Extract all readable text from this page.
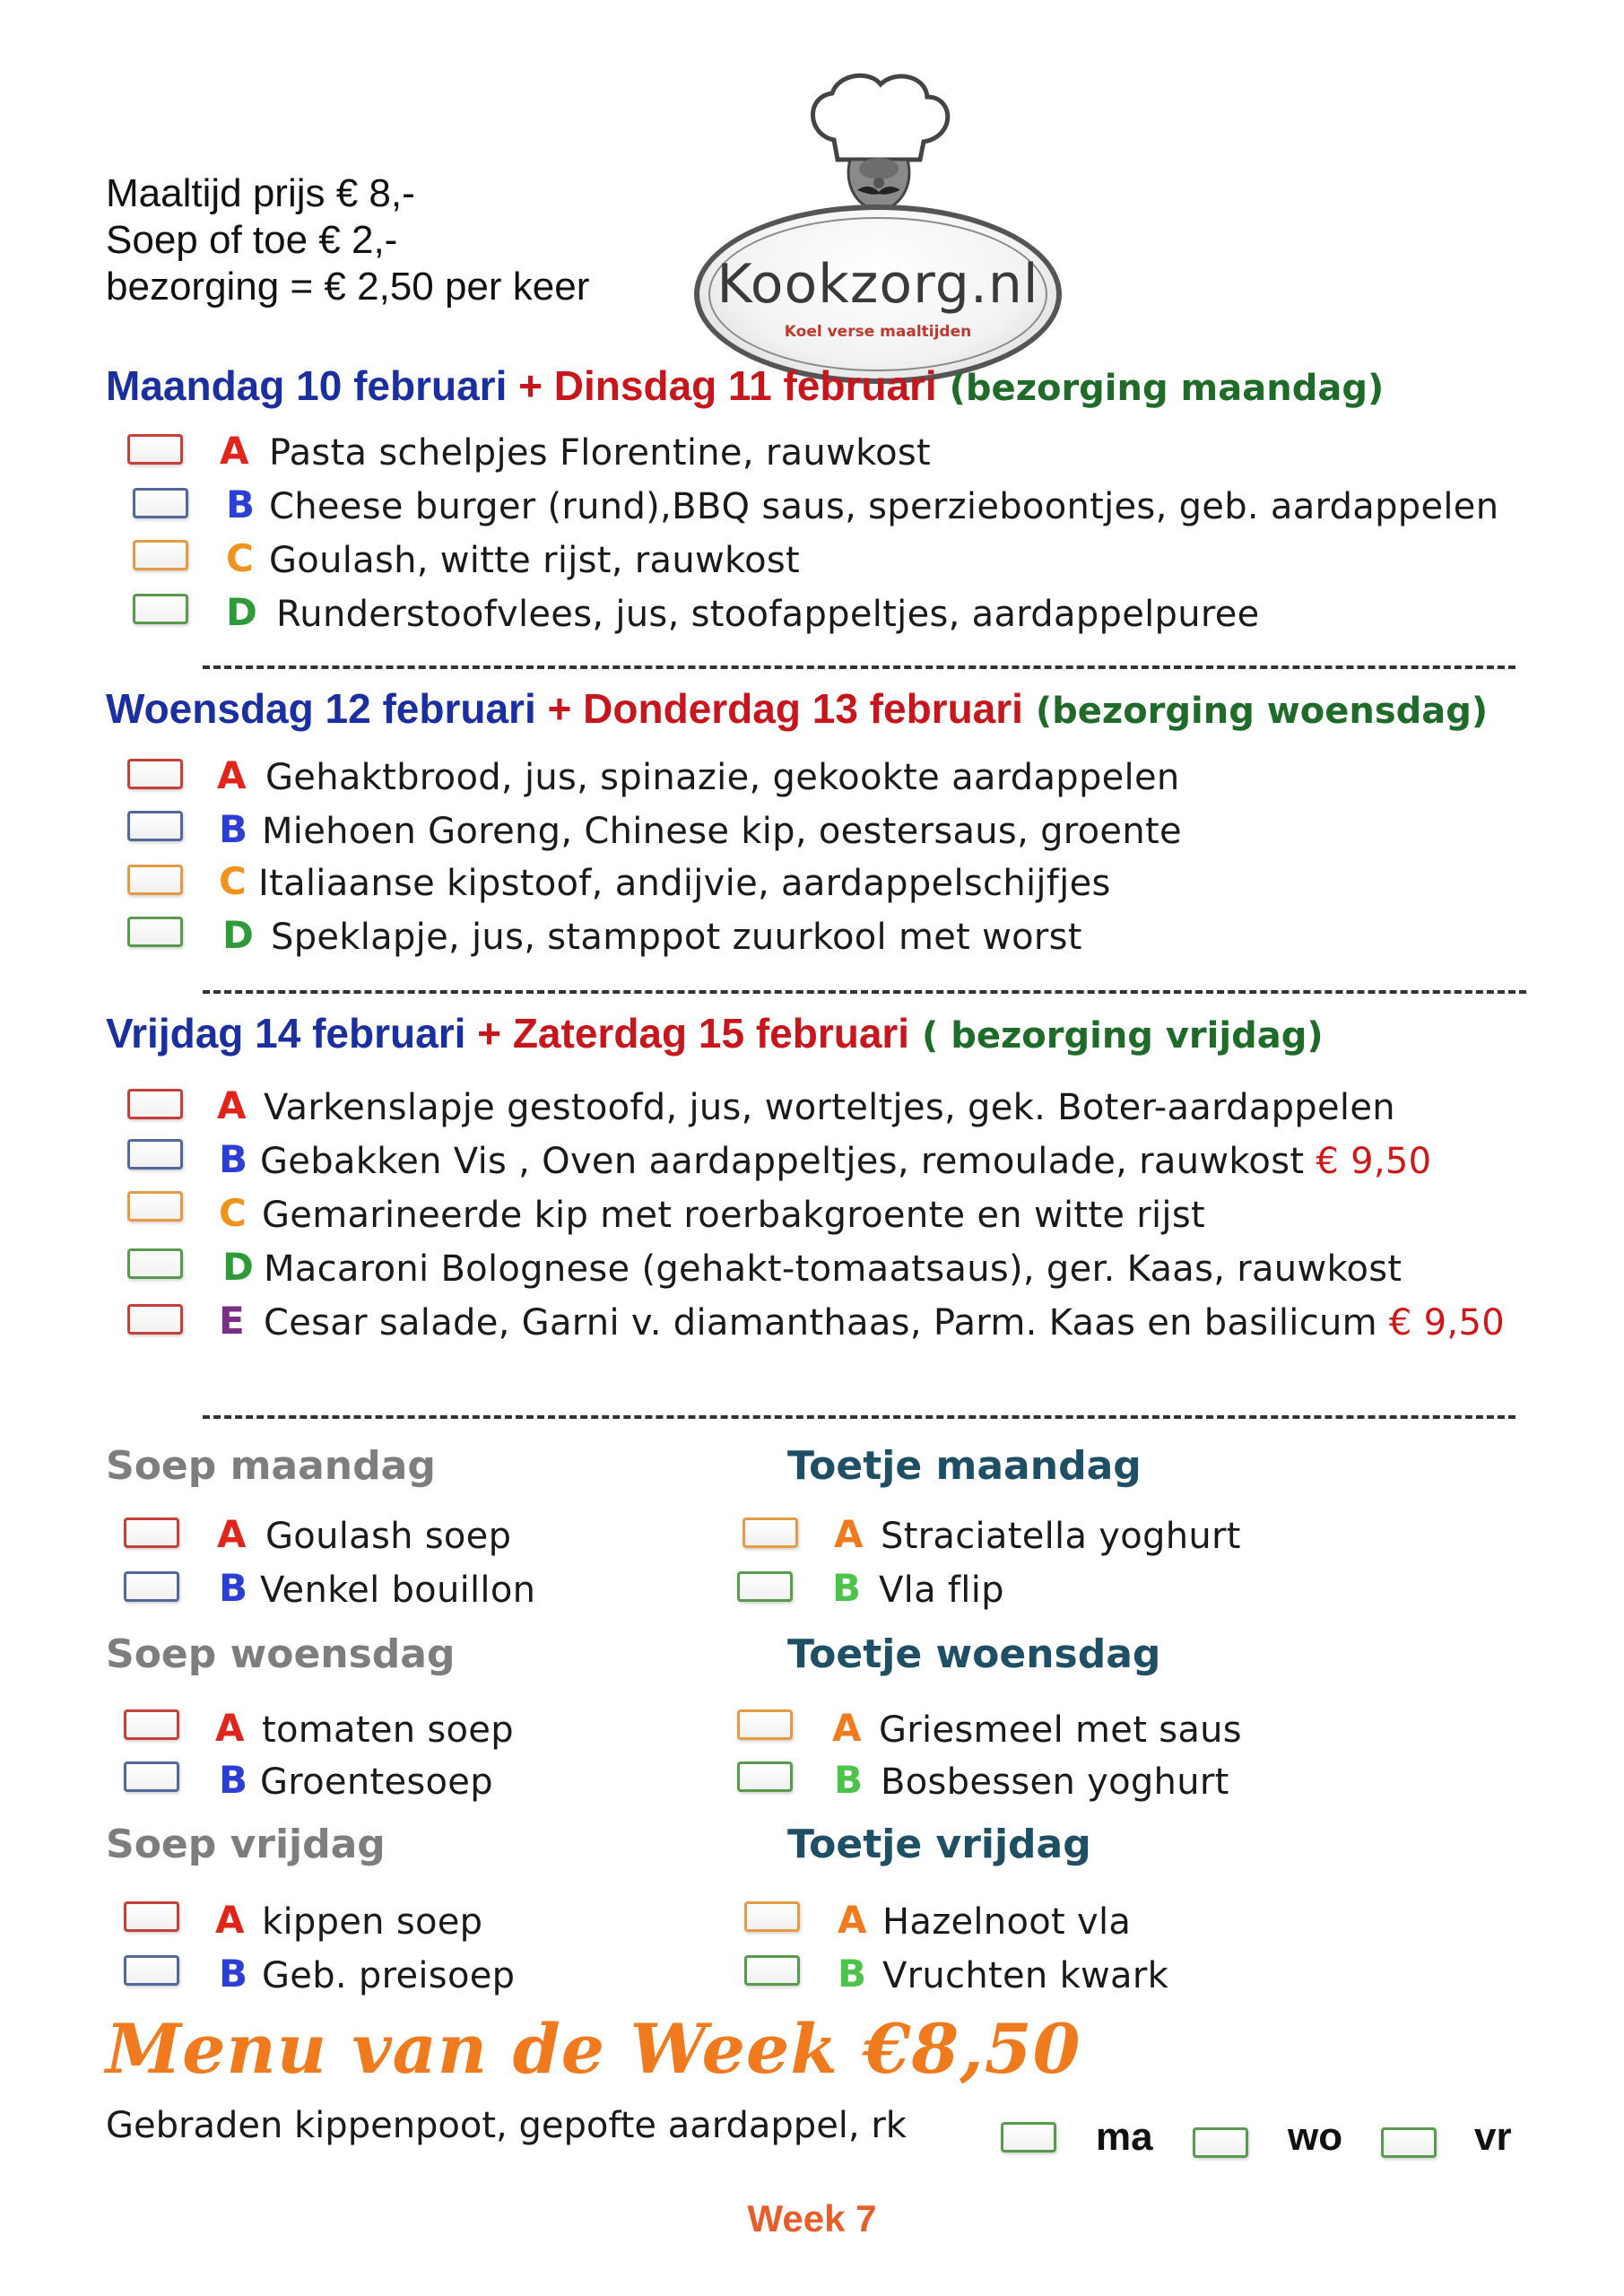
Maaltijd prijs € 8,-
Soep of toe € 2,-
bezorging = € 2,50 per keer	Kookzorg.nl
Koel verse maaltijden
Maandag 10 februari + Dinsdag 11 februari (bezorging maandag)
A Pasta schelpjes Florentine, rauwkost
B Cheese burger (rund),BBQ saus, sperzieboontjes, geb. aardappelen
C Goulash, witte rijst, rauwkost
D Runderstoofvlees, jus, stoofappeltjes, aardappelpuree
Woensdag 12 februari + Donderdag 13 februari (bezorging woensdag)
A Gehaktbrood, jus, spinazie, gekookte aardappelen
B Miehoen Goreng, Chinese kip, oestersaus, groente
C Italiaanse kipstoof, andijvie, aardappelschijfjes
D Speklapje, jus, stamppot zuurkool met worst
Vrijdag 14 februari + Zaterdag 15 februari ( bezorging vrijdag)
A Varkenslapje gestoofd, jus, worteltjes, gek. Boter-aardappelen
B Gebakken Vis , Oven aardappeltjes, remoulade, rauwkost € 9,50
C Gemarineerde kip met roerbakgroente en witte rijst
D Macaroni Bolognese (gehakt-tomaatsaus), ger. Kaas, rauwkost
E Cesar salade, Garni v. diamanthaas, Parm. Kaas en basilicum € 9,50
Soep maandag	Toetje maandag
A Goulash soep	A Straciatella yoghurt
B Venkel bouillon	B Vla flip
Soep woensdag	Toetje woensdag
A tomaten soep	A Griesmeel met saus
B Groentesoep	B Bosbessen yoghurt
Soep vrijdag	Toetje vrijdag
A kippen soep	A Hazelnoot vla
B Geb. preisoep	B Vruchten kwark
Menu van de Week €8,50
Gebraden kippenpoot, gepofte aardappel, rk	ma	wo	vr
Week 7
